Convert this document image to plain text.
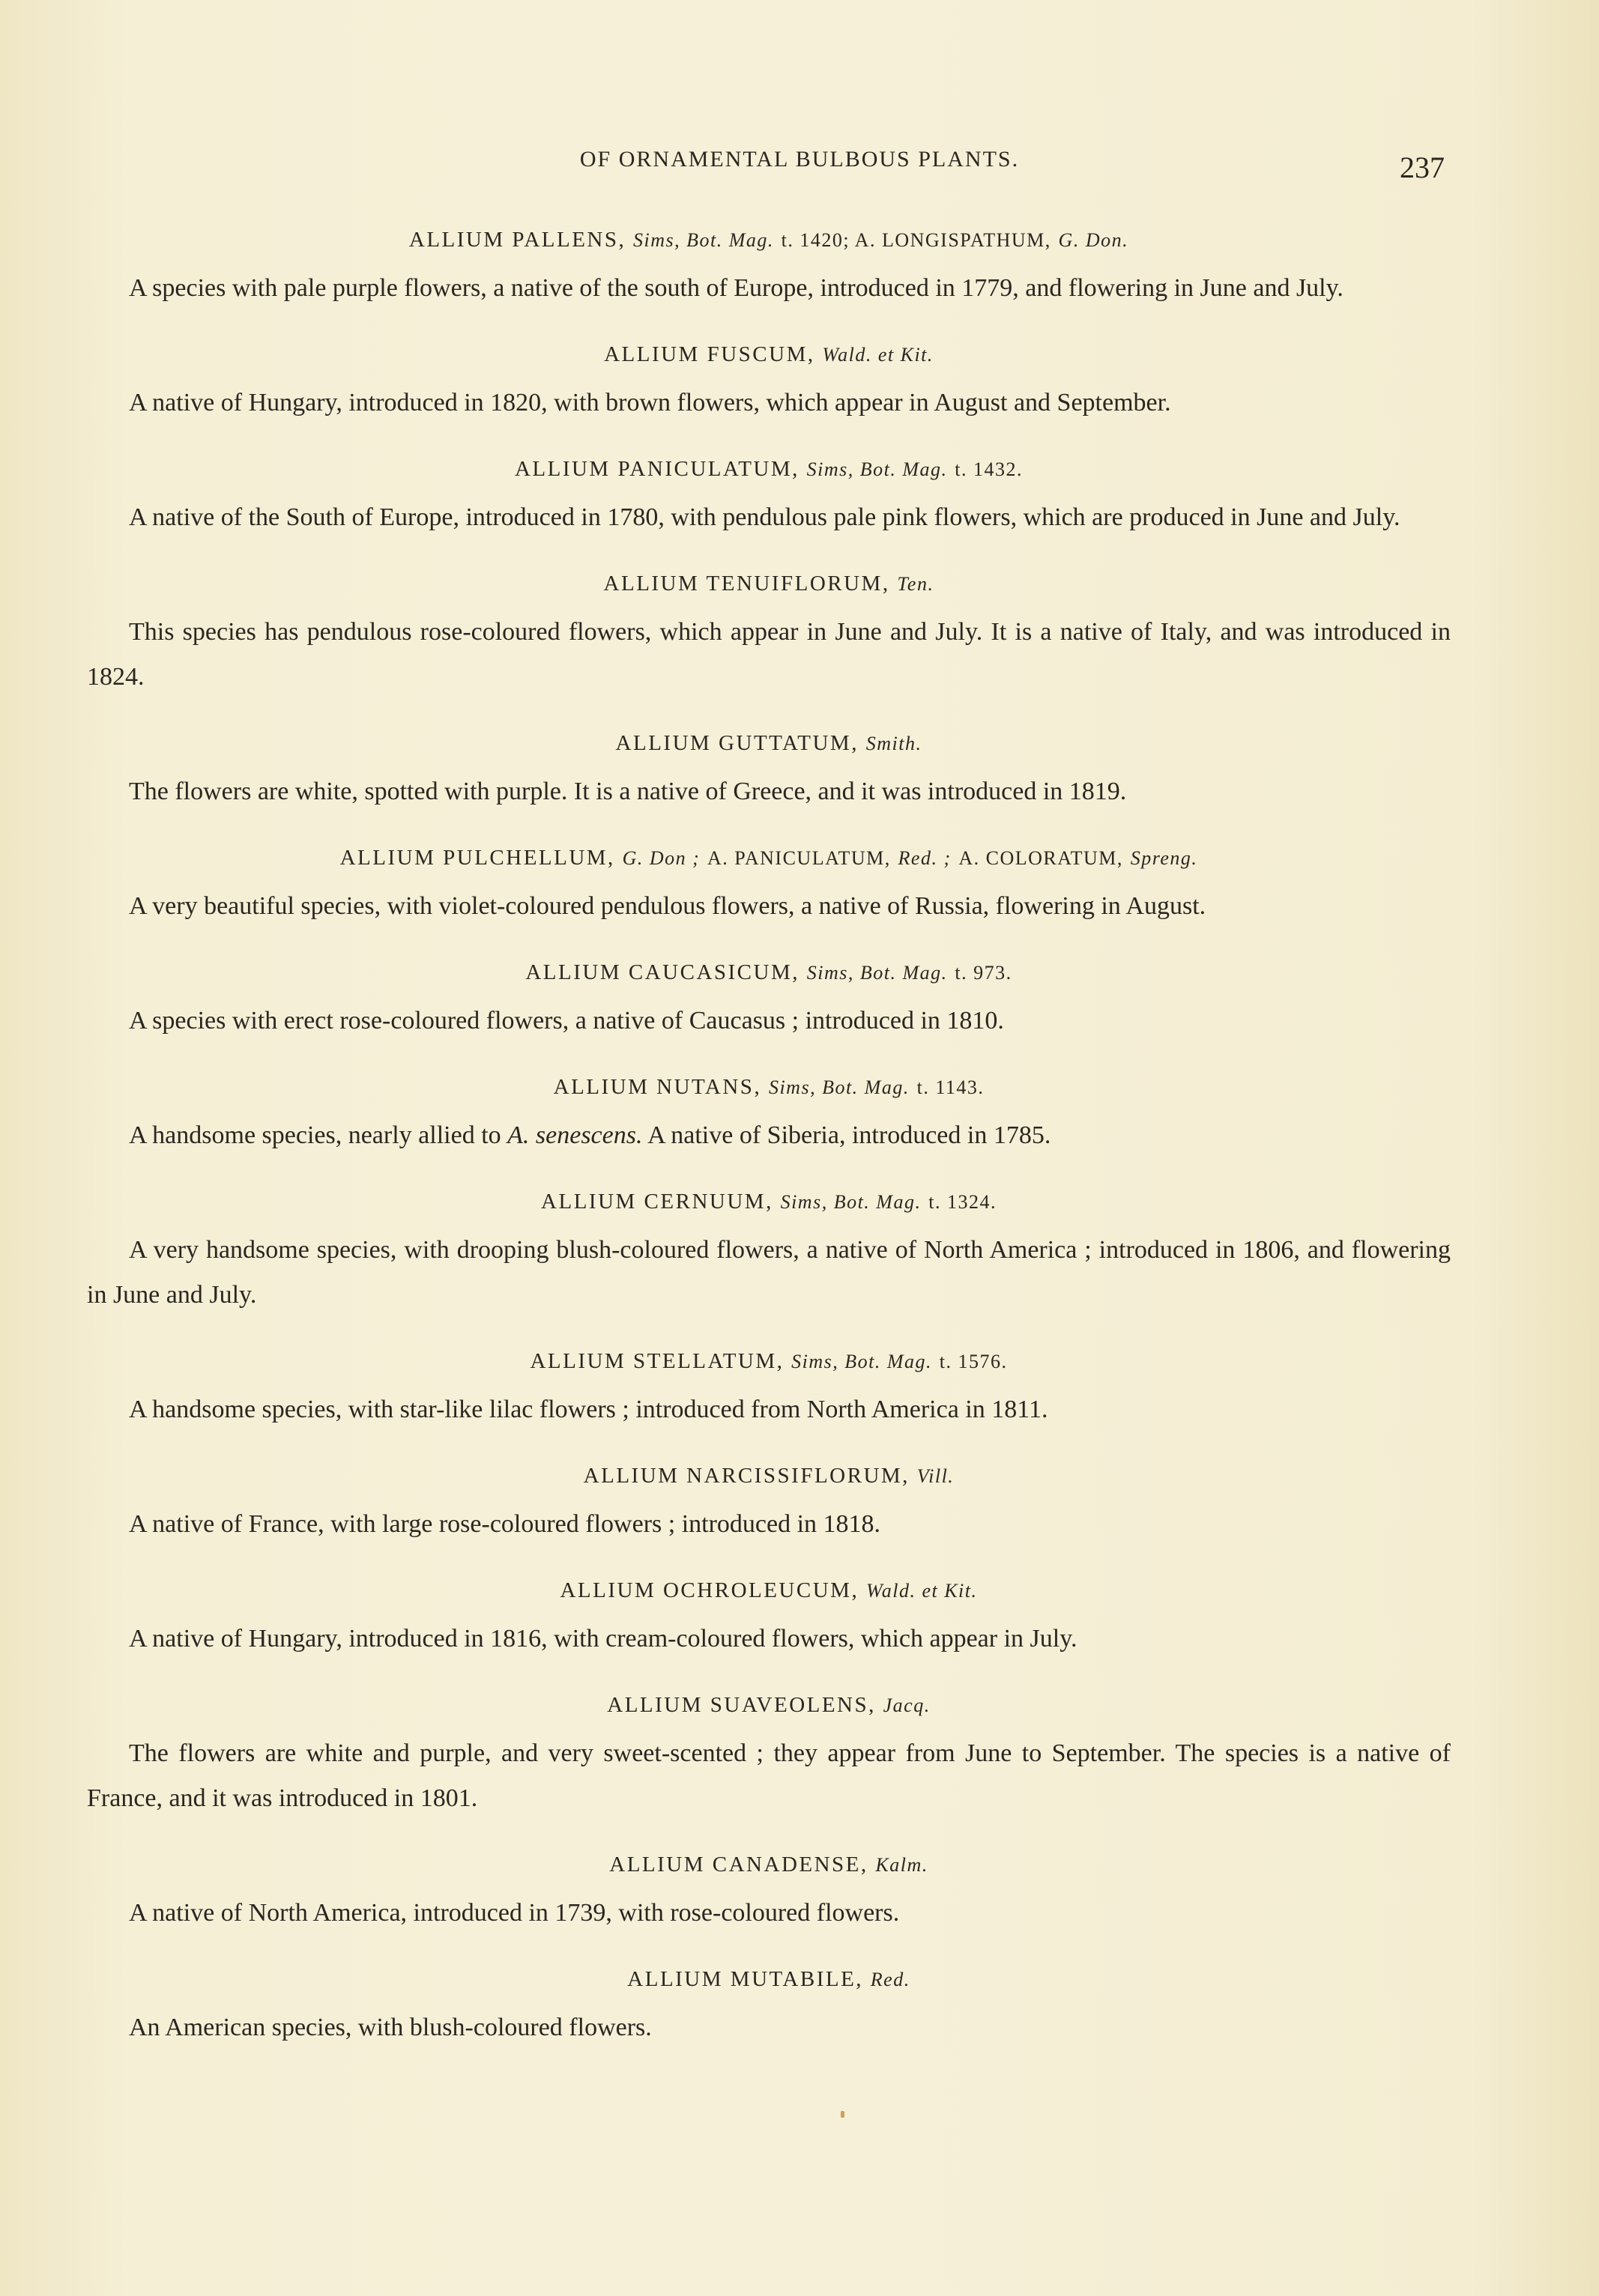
OF ORNAMENTAL BULBOUS PLANTS.	237

ALLIUM PALLENS, Sims, Bot. Mag. t. 1420; A. LONGISPATHUM, G. Don.

A species with pale purple flowers, a native of the south of Europe, introduced in 1779, and flowering in June and July.

ALLIUM FUSCUM, Wald. et Kit.

A native of Hungary, introduced in 1820, with brown flowers, which appear in August and September.

ALLIUM PANICULATUM, Sims, Bot. Mag. t. 1432.

A native of the South of Europe, introduced in 1780, with pendulous pale pink flowers, which are produced in June and July.

ALLIUM TENUIFLORUM, Ten.

This species has pendulous rose-coloured flowers, which appear in June and July. It is a native of Italy, and was introduced in 1824.

ALLIUM GUTTATUM, Smith.

The flowers are white, spotted with purple. It is a native of Greece, and it was introduced in 1819.

ALLIUM PULCHELLUM, G. Don ; A. PANICULATUM, Red. ; A. COLORATUM, Spreng.

A very beautiful species, with violet-coloured pendulous flowers, a native of Russia, flowering in August.

ALLIUM CAUCASICUM, Sims, Bot. Mag. t. 973.

A species with erect rose-coloured flowers, a native of Caucasus ; introduced in 1810.

ALLIUM NUTANS, Sims, Bot. Mag. t. 1143.

A handsome species, nearly allied to A. senescens. A native of Siberia, introduced in 1785.

ALLIUM CERNUUM, Sims, Bot. Mag. t. 1324.

A very handsome species, with drooping blush-coloured flowers, a native of North America ; introduced in 1806, and flowering in June and July.

ALLIUM STELLATUM, Sims, Bot. Mag. t. 1576.

A handsome species, with star-like lilac flowers ; introduced from North America in 1811.

ALLIUM NARCISSIFLORUM, Vill.

A native of France, with large rose-coloured flowers ; introduced in 1818.

ALLIUM OCHROLEUCUM, Wald. et Kit.

A native of Hungary, introduced in 1816, with cream-coloured flowers, which appear in July.

ALLIUM SUAVEOLENS, Jacq.

The flowers are white and purple, and very sweet-scented ; they appear from June to September. The species is a native of France, and it was introduced in 1801.

ALLIUM CANADENSE, Kalm.

A native of North America, introduced in 1739, with rose-coloured flowers.

ALLIUM MUTABILE, Red.

An American species, with blush-coloured flowers.
